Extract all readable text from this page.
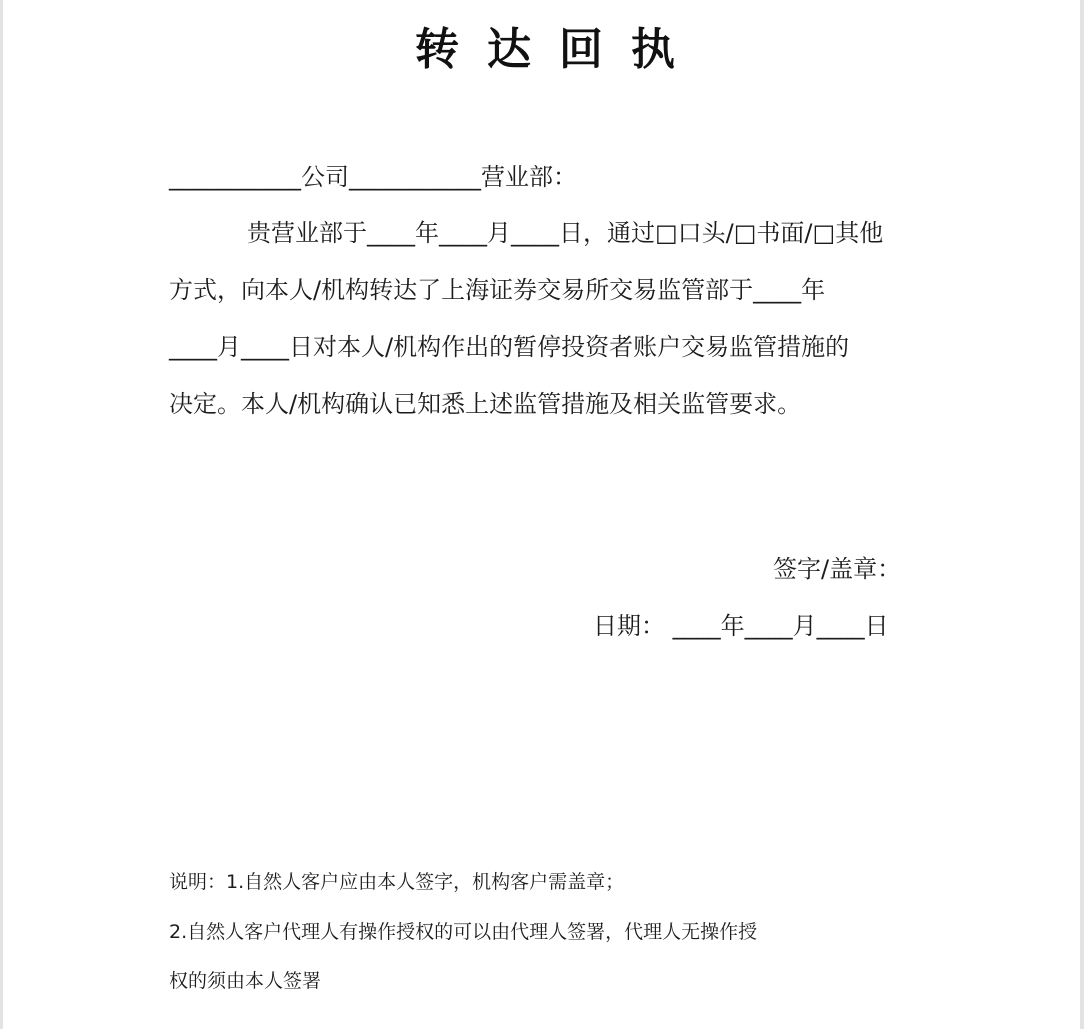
转达回执
___________公司___________营业部：
贵营业部于____年____月____日，通过□口头/□书面/□其他
方式，向本人/机构转达了上海证券交易所交易监管部于____年
____月____日对本人/机构作出的暂停投资者账户交易监管措施的
决定。本人/机构确认已知悉上述监管措施及相关监管要求。
签字/盖章：
日期： ____年____月____日
说明：1.自然人客户应由本人签字，机构客户需盖章；
2.自然人客户代理人有操作授权的可以由代理人签署，代理人无操作授
权的须由本人签署
